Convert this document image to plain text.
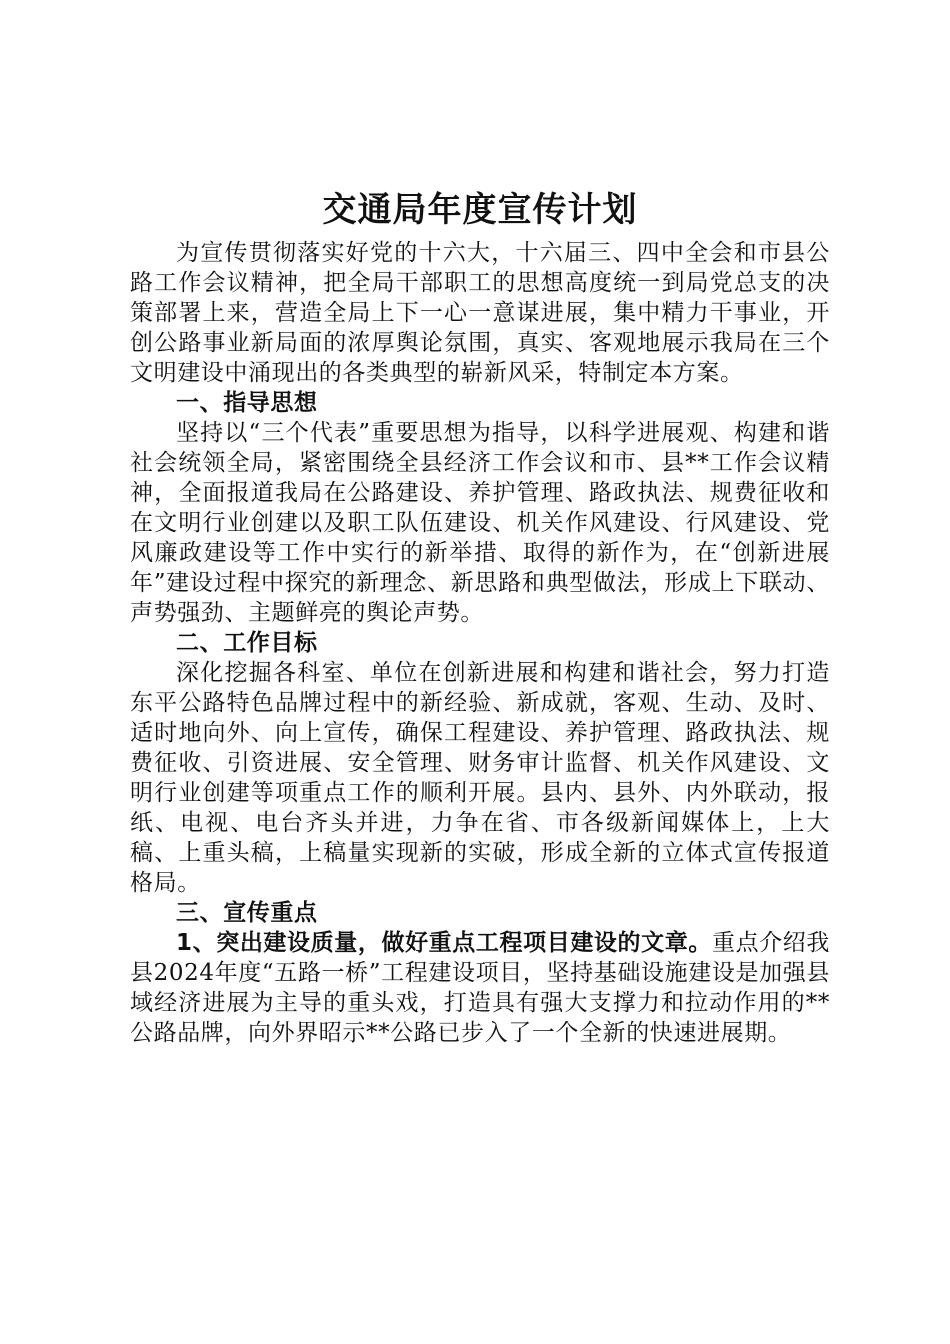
交通局年度宣传计划

为宣传贯彻落实好党的十六大，十六届三、四中全会和市县公路工作会议精神，把全局干部职工的思想高度统一到局党总支的决策部署上来，营造全局上下一心一意谋进展，集中精力干事业，开创公路事业新局面的浓厚舆论氛围，真实、客观地展示我局在三个文明建设中涌现出的各类典型的崭新风采，特制定本方案。

一、指导思想

坚持以“三个代表”重要思想为指导，以科学进展观、构建和谐社会统领全局，紧密围绕全县经济工作会议和市、县**工作会议精神，全面报道我局在公路建设、养护管理、路政执法、规费征收和在文明行业创建以及职工队伍建设、机关作风建设、行风建设、党风廉政建设等工作中实行的新举措、取得的新作为，在“创新进展年”建设过程中探究的新理念、新思路和典型做法，形成上下联动、声势强劲、主题鲜亮的舆论声势。

二、工作目标

深化挖掘各科室、单位在创新进展和构建和谐社会，努力打造东平公路特色品牌过程中的新经验、新成就，客观、生动、及时、适时地向外、向上宣传，确保工程建设、养护管理、路政执法、规费征收、引资进展、安全管理、财务审计监督、机关作风建设、文明行业创建等项重点工作的顺利开展。县内、县外、内外联动，报纸、电视、电台齐头并进，力争在省、市各级新闻媒体上，上大稿、上重头稿，上稿量实现新的实破，形成全新的立体式宣传报道格局。

三、宣传重点

1、突出建设质量，做好重点工程项目建设的文章。重点介绍我县2024年度“五路一桥”工程建设项目，坚持基础设施建设是加强县域经济进展为主导的重头戏，打造具有强大支撑力和拉动作用的**公路品牌，向外界昭示**公路已步入了一个全新的快速进展期。
